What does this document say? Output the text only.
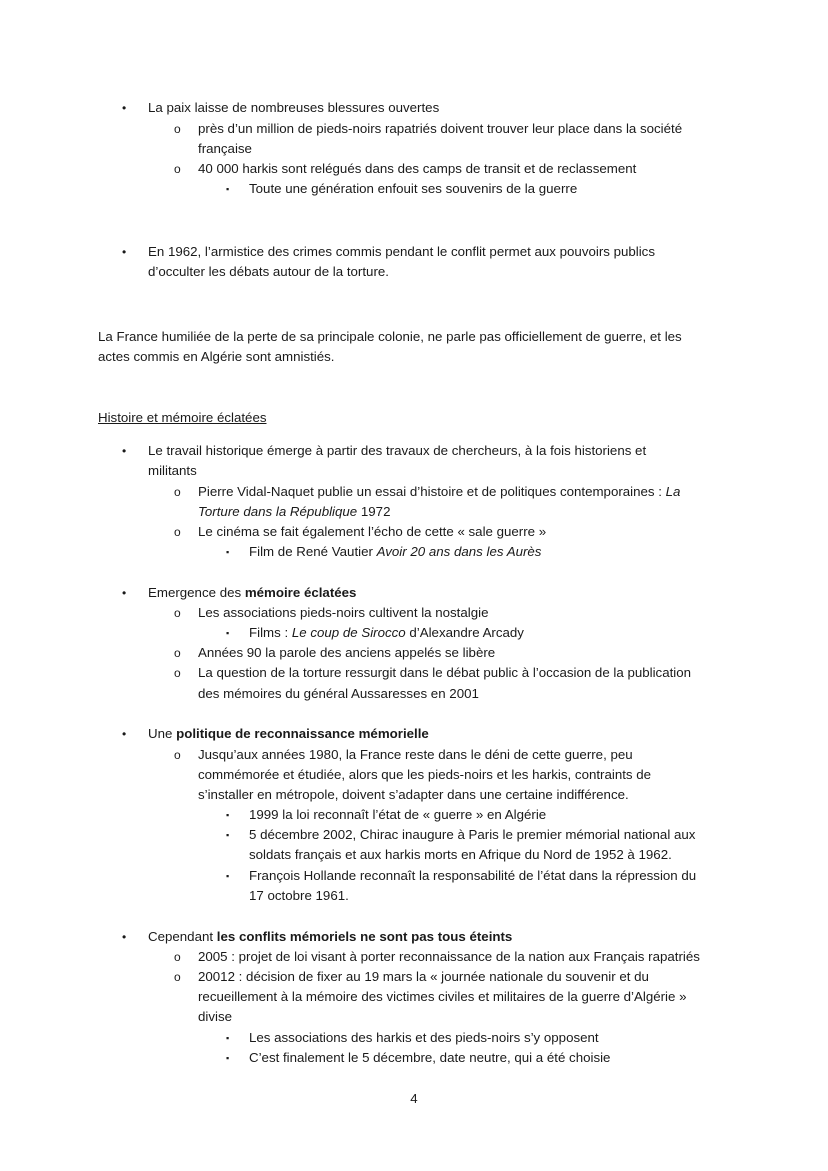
• La paix laisse de nombreuses blessures ouvertes
o près d’un million de pieds-noirs rapatriés doivent trouver leur place dans la société
française
o 40 000 harkis sont relégués dans des camps de transit et de reclassement
▪ Toute une génération enfouit ses souvenirs de la guerre
• En 1962, l’armistice des crimes commis pendant le conflit permet aux pouvoirs publics
d’occulter les débats autour de la torture.
La France humiliée de la perte de sa principale colonie, ne parle pas officiellement de guerre, et les
actes commis en Algérie sont amnistiés.
Histoire et mémoire éclatées
• Le travail historique émerge à partir des travaux de chercheurs, à la fois historiens et
militants
o Pierre Vidal-Naquet publie un essai d’histoire et de politiques contemporaines : La
Torture dans la République 1972
o Le cinéma se fait également l’écho de cette « sale guerre »
▪ Film de René Vautier Avoir 20 ans dans les Aurès
• Emergence des mémoire éclatées
o Les associations pieds-noirs cultivent la nostalgie
▪ Films : Le coup de Sirocco d’Alexandre Arcady
o Années 90 la parole des anciens appelés se libère
o La question de la torture ressurgit dans le débat public à l’occasion de la publication
des mémoires du général Aussaresses en 2001
• Une politique de reconnaissance mémorielle
o Jusqu’aux années 1980, la France reste dans le déni de cette guerre, peu
commémorée et étudiée, alors que les pieds-noirs et les harkis, contraints de
s’installer en métropole, doivent s’adapter dans une certaine indifférence.
▪ 1999 la loi reconnaît l’état de « guerre » en Algérie
▪ 5 décembre 2002, Chirac inaugure à Paris le premier mémorial national aux
soldats français et aux harkis morts en Afrique du Nord de 1952 à 1962.
▪ François Hollande reconnaît la responsabilité de l’état dans la répression du
17 octobre 1961.
• Cependant les conflits mémoriels ne sont pas tous éteints
o 2005 : projet de loi visant à porter reconnaissance de la nation aux Français rapatriés
o 20012 : décision de fixer au 19 mars la « journée nationale du souvenir et du
recueillement à la mémoire des victimes civiles et militaires de la guerre d’Algérie »
divise
▪ Les associations des harkis et des pieds-noirs s’y opposent
▪ C’est finalement le 5 décembre, date neutre, qui a été choisie
4
